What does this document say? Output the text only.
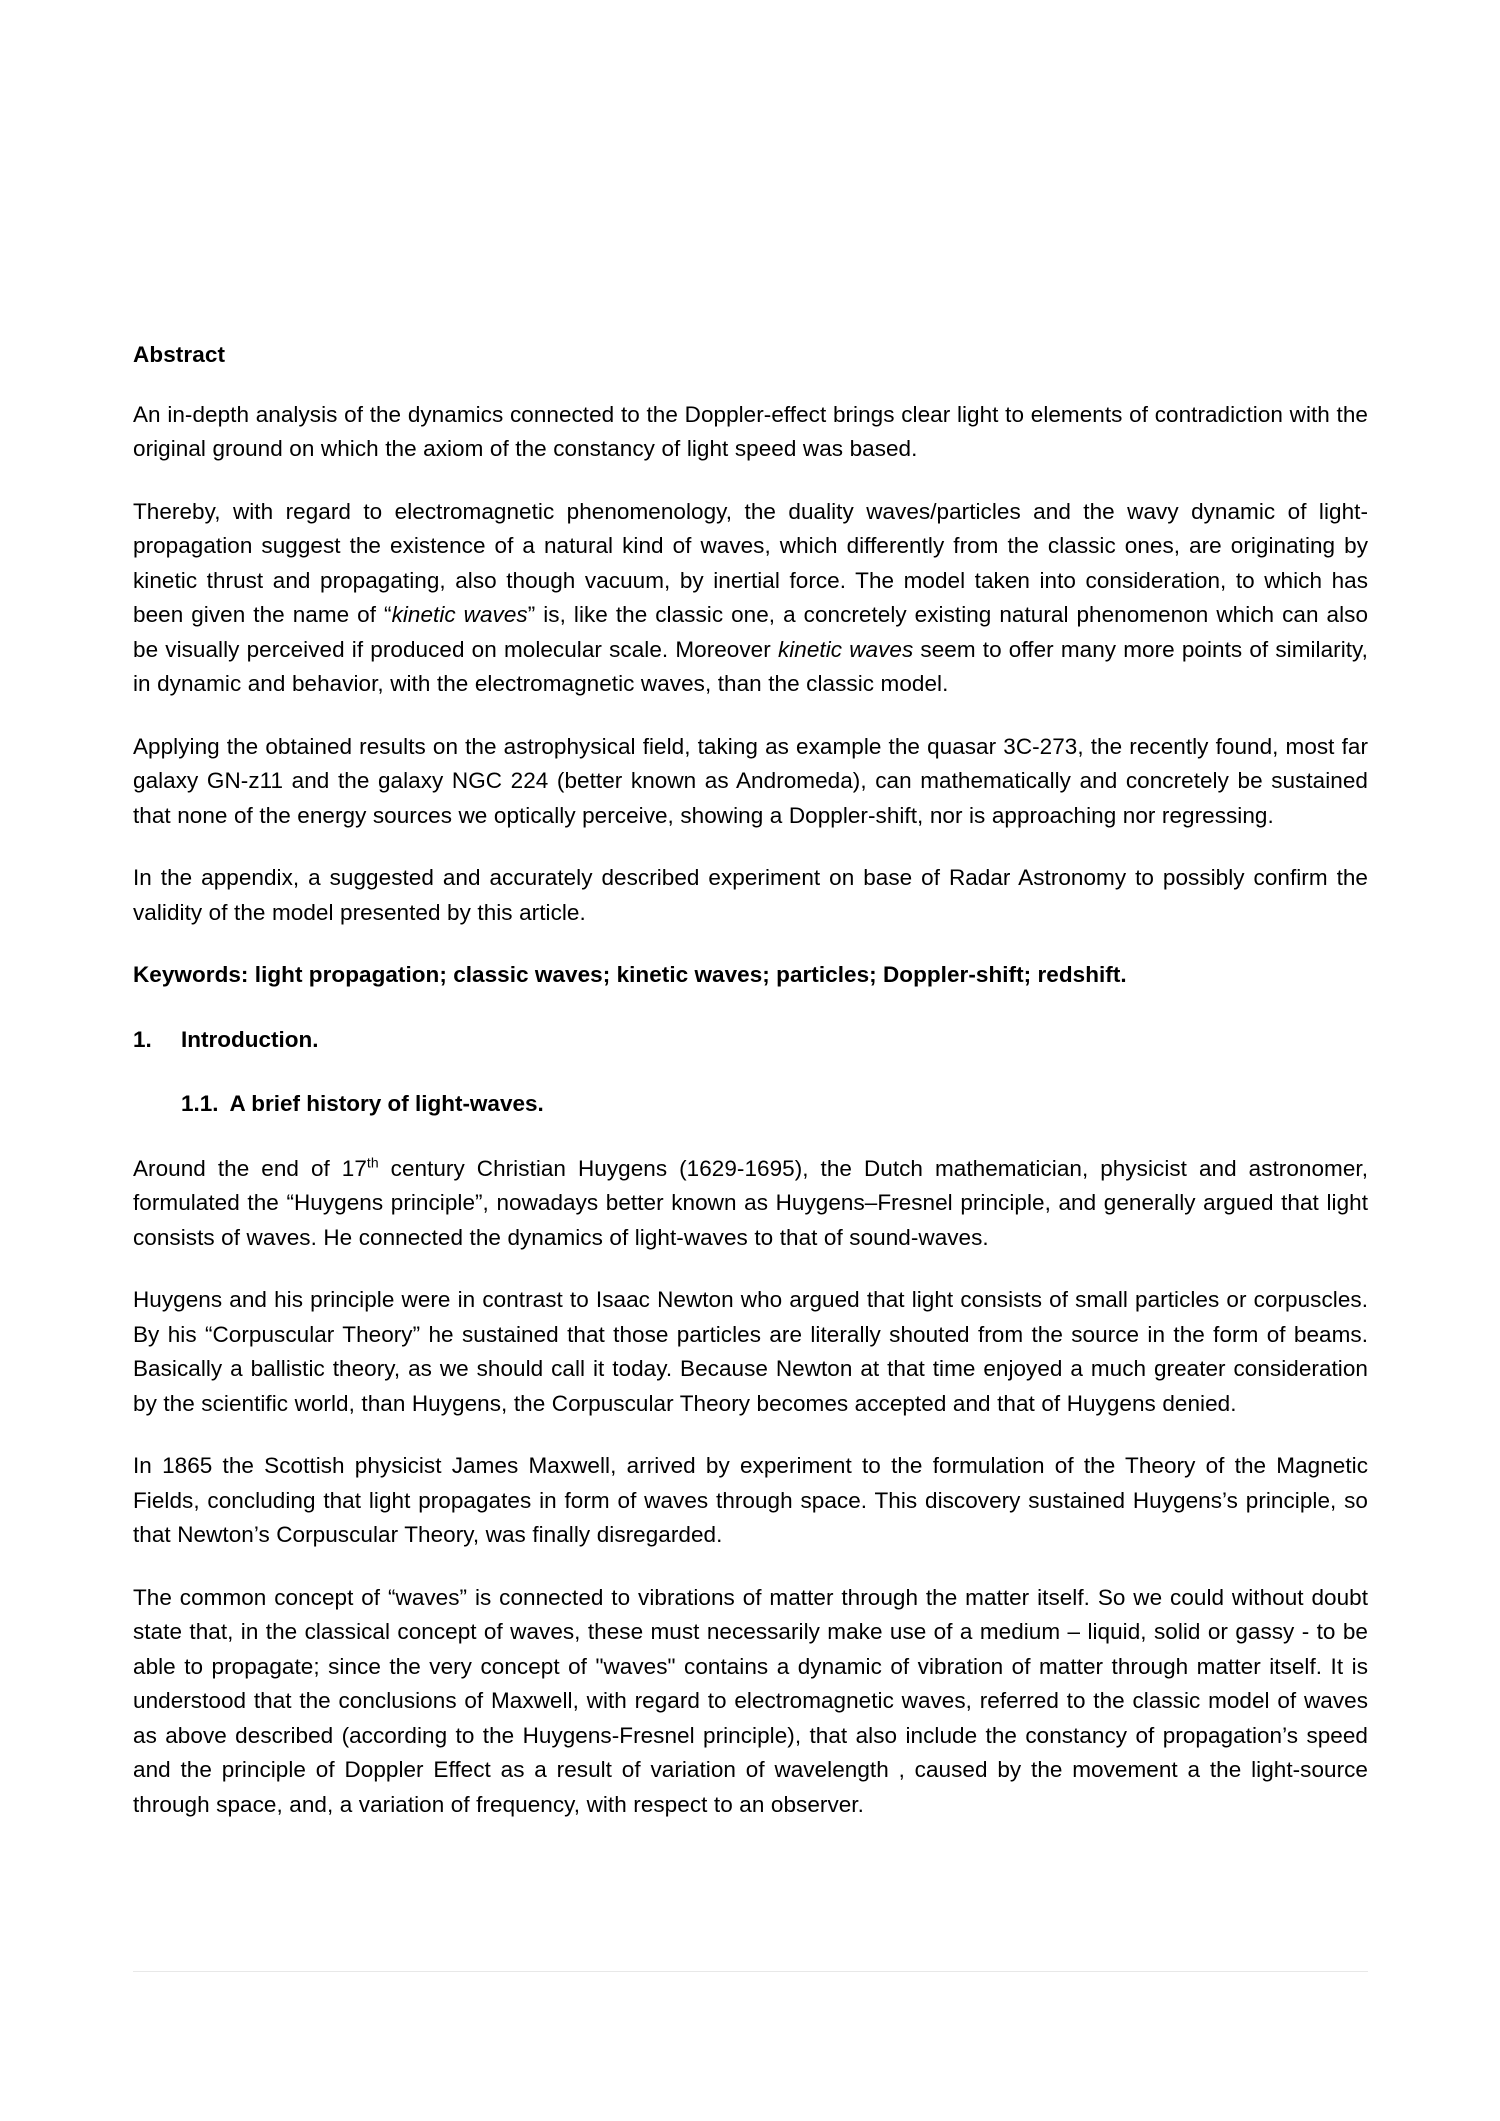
Abstract

An in-depth analysis of the dynamics connected to the Doppler-effect brings clear light to elements of contradiction with the original ground on which the axiom of the constancy of light speed was based.

Thereby, with regard to electromagnetic phenomenology, the duality waves/particles and the wavy dynamic of light-propagation suggest the existence of a natural kind of waves, which differently from the classic ones, are originating by kinetic thrust and propagating, also though vacuum, by inertial force. The model taken into consideration, to which has been given the name of “kinetic waves” is, like the classic one, a concretely existing natural phenomenon which can also be visually perceived if produced on molecular scale. Moreover kinetic waves seem to offer many more points of similarity, in dynamic and behavior, with the electromagnetic waves, than the classic model.

Applying the obtained results on the astrophysical field, taking as example the quasar 3C-273, the recently found, most far galaxy GN-z11 and the galaxy NGC 224 (better known as Andromeda), can mathematically and concretely be sustained that none of the energy sources we optically perceive, showing a Doppler-shift, nor is approaching nor regressing.

In the appendix, a suggested and accurately described experiment on base of Radar Astronomy to possibly confirm the validity of the model presented by this article.

Keywords: light propagation; classic waves; kinetic waves; particles; Doppler-shift; redshift.

1.	Introduction.
1.1. A brief history of light-waves.

Around the end of 17th century Christian Huygens (1629-1695), the Dutch mathematician, physicist and astronomer, formulated the “Huygens principle”, nowadays better known as Huygens–Fresnel principle, and generally argued that light consists of waves. He connected the dynamics of light-waves to that of sound-waves.

Huygens and his principle were in contrast to Isaac Newton who argued that light consists of small particles or corpuscles. By his “Corpuscular Theory” he sustained that those particles are literally shouted from the source in the form of beams. Basically a ballistic theory, as we should call it today. Because Newton at that time enjoyed a much greater consideration by the scientific world, than Huygens, the Corpuscular Theory becomes accepted and that of Huygens denied.

In 1865 the Scottish physicist James Maxwell, arrived by experiment to the formulation of the Theory of the Magnetic Fields, concluding that light propagates in form of waves through space. This discovery sustained Huygens’s principle, so that Newton’s Corpuscular Theory, was finally disregarded.

The common concept of “waves” is connected to vibrations of matter through the matter itself. So we could without doubt state that, in the classical concept of waves, these must necessarily make use of a medium – liquid, solid or gassy - to be able to propagate; since the very concept of "waves" contains a dynamic of vibration of matter through matter itself. It is understood that the conclusions of Maxwell, with regard to electromagnetic waves, referred to the classic model of waves as above described (according to the Huygens-Fresnel principle), that also include the constancy of propagation’s speed and the principle of Doppler Effect as a result of variation of wavelength , caused by the movement a the light-source through space, and, a variation of frequency, with respect to an observer.
